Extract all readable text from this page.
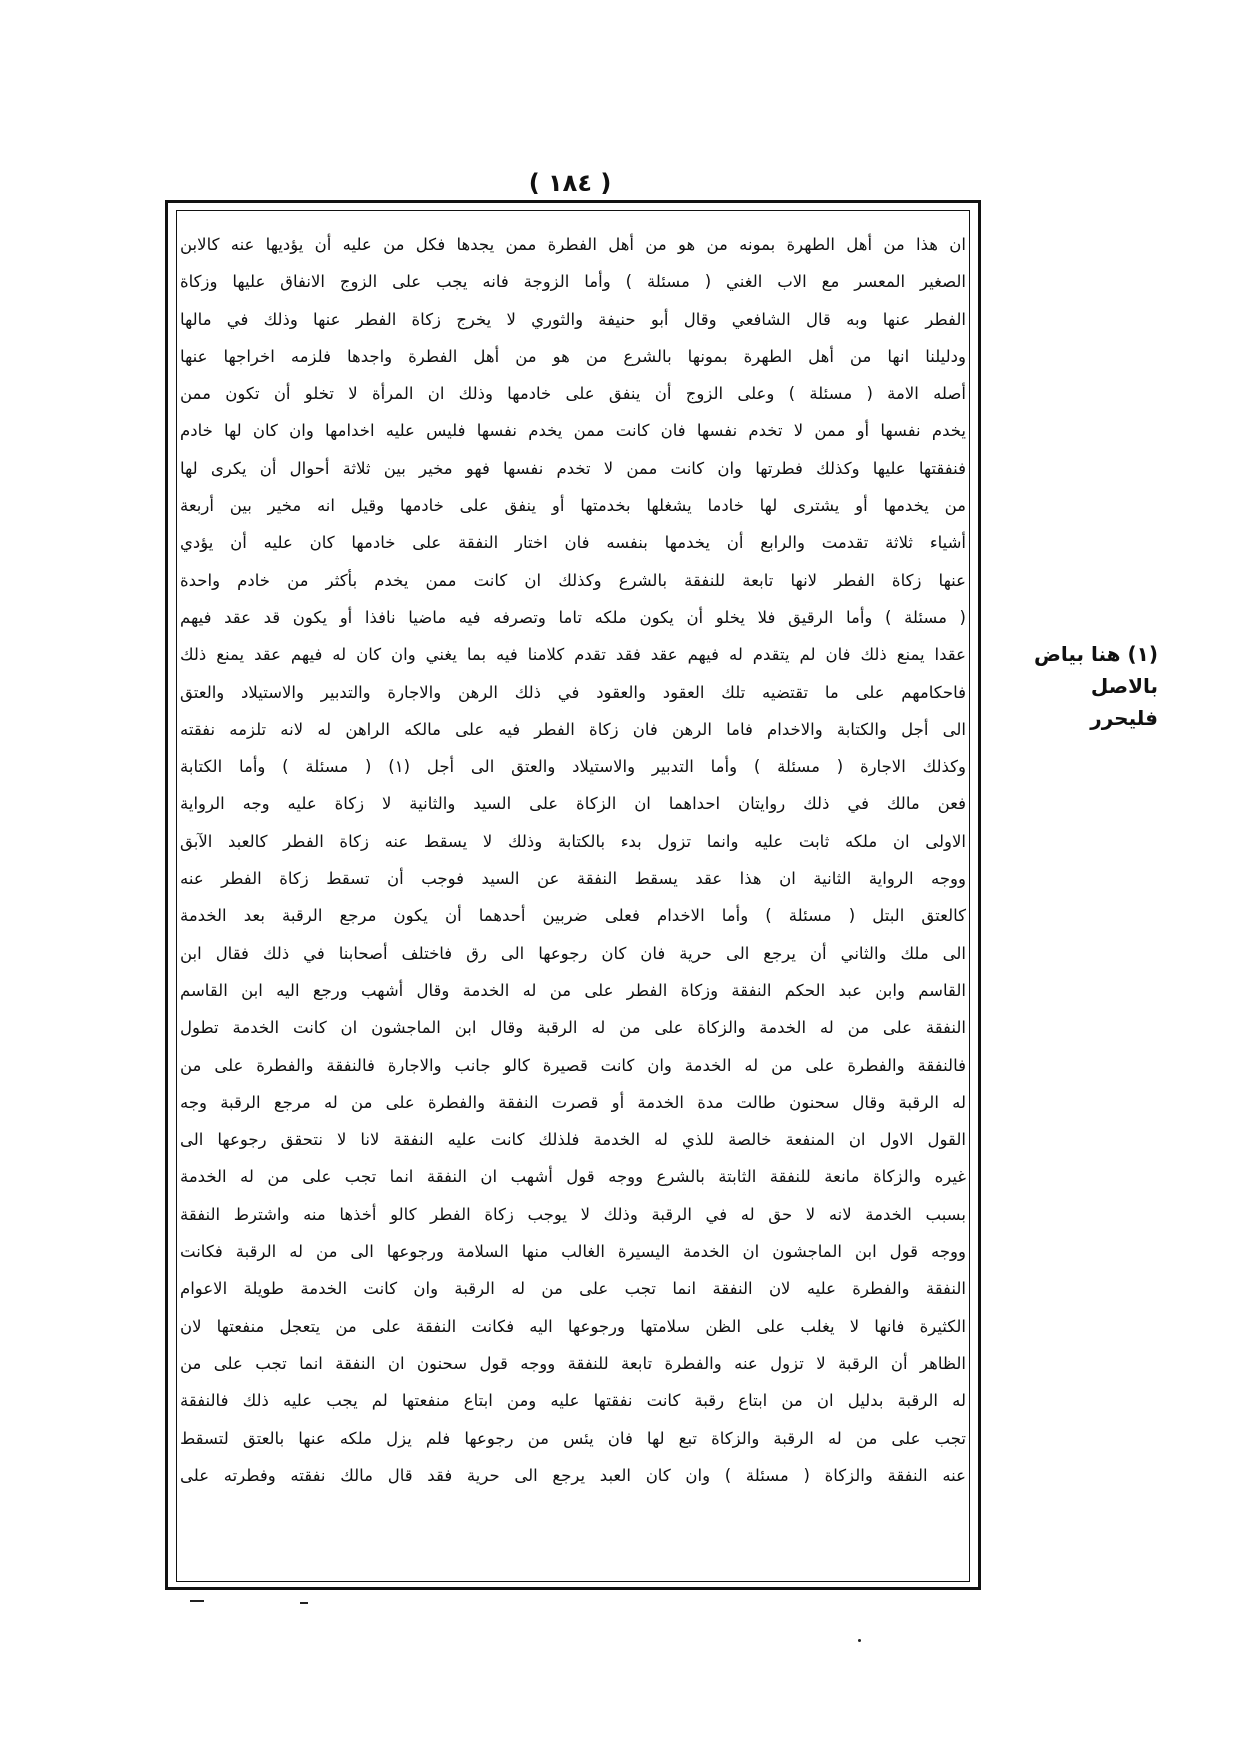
( ١٨٤ )
ان هذا من أهل الطهرة بمونه من هو من أهل الفطرة ممن يجدها فكل من عليه أن يؤديها عنه كالابن
الصغير المعسر مع الاب الغني ( مسئلة ) وأما الزوجة فانه يجب على الزوج الانفاق عليها وزكاة
الفطر عنها وبه قال الشافعي وقال أبو حنيفة والثوري لا يخرج زكاة الفطر عنها وذلك في مالها
ودليلنا انها من أهل الطهرة بمونها بالشرع من هو من أهل الفطرة واجدها فلزمه اخراجها عنها
أصله الامة ( مسئلة ) وعلى الزوج أن ينفق على خادمها وذلك ان المرأة لا تخلو أن تكون ممن
يخدم نفسها أو ممن لا تخدم نفسها فان كانت ممن يخدم نفسها فليس عليه اخدامها وان كان لها خادم
فنفقتها عليها وكذلك فطرتها وان كانت ممن لا تخدم نفسها فهو مخير بين ثلاثة أحوال أن يكرى لها
من يخدمها أو يشترى لها خادما يشغلها بخدمتها أو ينفق على خادمها وقيل انه مخير بين أربعة
أشياء ثلاثة تقدمت والرابع أن يخدمها بنفسه فان اختار النفقة على خادمها كان عليه أن يؤدي
عنها زكاة الفطر لانها تابعة للنفقة بالشرع وكذلك ان كانت ممن يخدم بأكثر من خادم واحدة
( مسئلة ) وأما الرقيق فلا يخلو أن يكون ملكه تاما وتصرفه فيه ماضيا نافذا أو يكون قد عقد فيهم
عقدا يمنع ذلك فان لم يتقدم له فيهم عقد فقد تقدم كلامنا فيه بما يغني وان كان له فيهم عقد يمنع ذلك
فاحكامهم على ما تقتضيه تلك العقود والعقود في ذلك الرهن والاجارة والتدبير والاستيلاد والعتق
الى أجل والكتابة والاخدام فاما الرهن فان زكاة الفطر فيه على مالكه الراهن له لانه تلزمه نفقته
وكذلك الاجارة ( مسئلة ) وأما التدبير والاستيلاد والعتق الى أجل (١) ( مسئلة ) وأما الكتابة
فعن مالك في ذلك روايتان احداهما ان الزكاة على السيد والثانية لا زكاة عليه وجه الرواية
الاولى ان ملكه ثابت عليه وانما تزول بدء بالكتابة وذلك لا يسقط عنه زكاة الفطر كالعبد الآبق
ووجه الرواية الثانية ان هذا عقد يسقط النفقة عن السيد فوجب أن تسقط زكاة الفطر عنه
كالعتق البتل ( مسئلة ) وأما الاخدام فعلى ضربين أحدهما أن يكون مرجع الرقبة بعد الخدمة
الى ملك والثاني أن يرجع الى حرية فان كان رجوعها الى رق فاختلف أصحابنا في ذلك فقال ابن
القاسم وابن عبد الحكم النفقة وزكاة الفطر على من له الخدمة وقال أشهب ورجع اليه ابن القاسم
النفقة على من له الخدمة والزكاة على من له الرقبة وقال ابن الماجشون ان كانت الخدمة تطول
فالنفقة والفطرة على من له الخدمة وان كانت قصيرة كالو جانب والاجارة فالنفقة والفطرة على من
له الرقبة وقال سحنون طالت مدة الخدمة أو قصرت النفقة والفطرة على من له مرجع الرقبة وجه
القول الاول ان المنفعة خالصة للذي له الخدمة فلذلك كانت عليه النفقة لانا لا نتحقق رجوعها الى
غيره والزكاة مانعة للنفقة الثابتة بالشرع ووجه قول أشهب ان النفقة انما تجب على من له الخدمة
بسبب الخدمة لانه لا حق له في الرقبة وذلك لا يوجب زكاة الفطر كالو أخذها منه واشترط النفقة
ووجه قول ابن الماجشون ان الخدمة اليسيرة الغالب منها السلامة ورجوعها الى من له الرقبة فكانت
النفقة والفطرة عليه لان النفقة انما تجب على من له الرقبة وان كانت الخدمة طويلة الاعوام
الكثيرة فانها لا يغلب على الظن سلامتها ورجوعها اليه فكانت النفقة على من يتعجل منفعتها لان
الظاهر أن الرقبة لا تزول عنه والفطرة تابعة للنفقة ووجه قول سحنون ان النفقة انما تجب على من
له الرقبة بدليل ان من ابتاع رقبة كانت نفقتها عليه ومن ابتاع منفعتها لم يجب عليه ذلك فالنفقة
تجب على من له الرقبة والزكاة تبع لها فان يئس من رجوعها فلم يزل ملكه عنها بالعتق لتسقط
عنه النفقة والزكاة ( مسئلة ) وان كان العبد يرجع الى حرية فقد قال مالك نفقته وفطرته على
(١) هنا بياض بالاصل
فليحرر
